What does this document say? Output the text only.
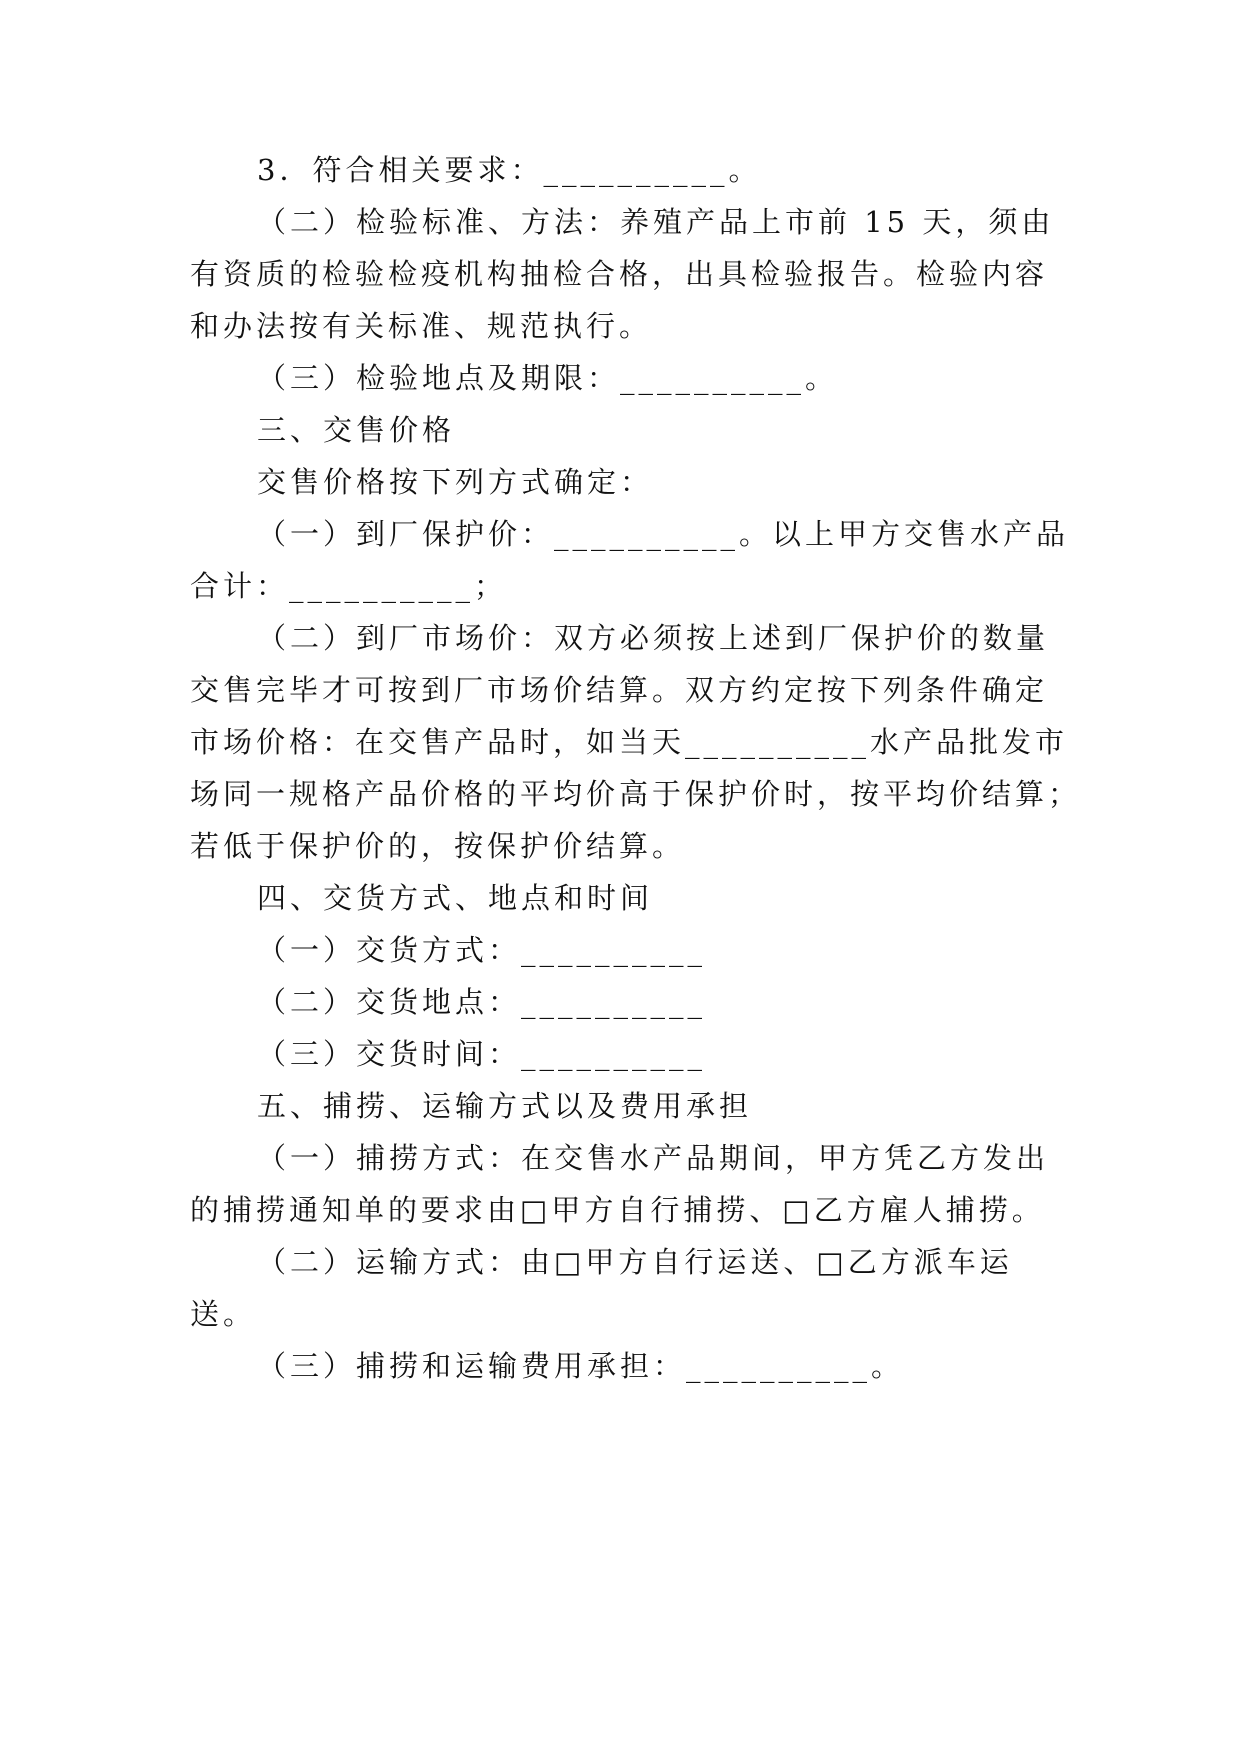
3．符合相关要求：__________。
（二）检验标准、方法：养殖产品上市前 15 天，须由
有资质的检验检疫机构抽检合格，出具检验报告。检验内容
和办法按有关标准、规范执行。
（三）检验地点及期限：__________。
三、交售价格
交售价格按下列方式确定：
（一）到厂保护价：__________。以上甲方交售水产品
合计：__________；
（二）到厂市场价：双方必须按上述到厂保护价的数量
交售完毕才可按到厂市场价结算。双方约定按下列条件确定
市场价格：在交售产品时，如当天__________水产品批发市
场同一规格产品价格的平均价高于保护价时，按平均价结算；
若低于保护价的，按保护价结算。
四、交货方式、地点和时间
（一）交货方式：__________
（二）交货地点：__________
（三）交货时间：__________
五、捕捞、运输方式以及费用承担
（一）捕捞方式：在交售水产品期间，甲方凭乙方发出
的捕捞通知单的要求由□甲方自行捕捞、□乙方雇人捕捞。
（二）运输方式：由□甲方自行运送、□乙方派车运
送。
（三）捕捞和运输费用承担：__________。
